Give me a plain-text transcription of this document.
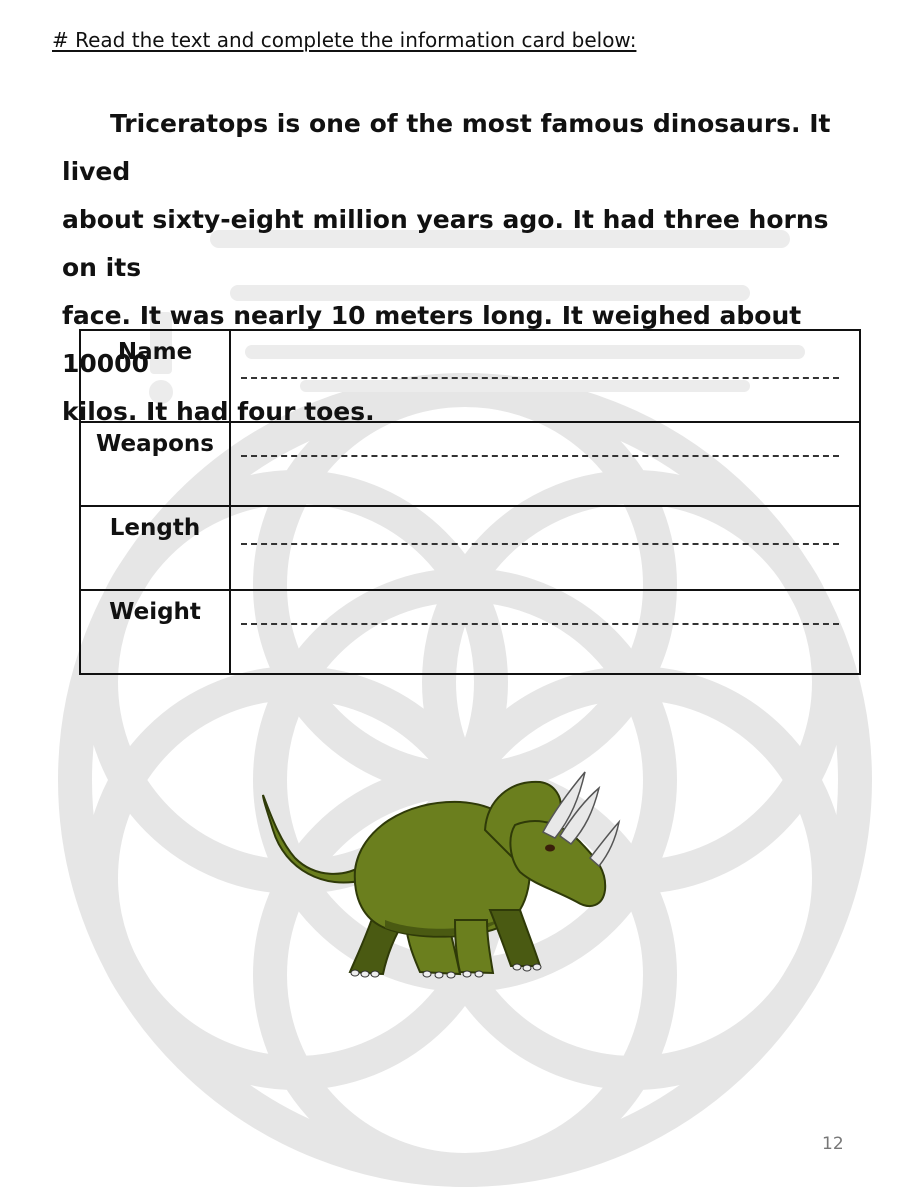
# Read the text and complete the information card below:

Triceratops is one of the most famous dinosaurs. It lived
about sixty-eight million years ago. It had three horns on its
face. It was nearly 10 meters long. It weighed about 10000
kilos. It had four toes.

Name	

Weapons	

Length	

Weight	

12
